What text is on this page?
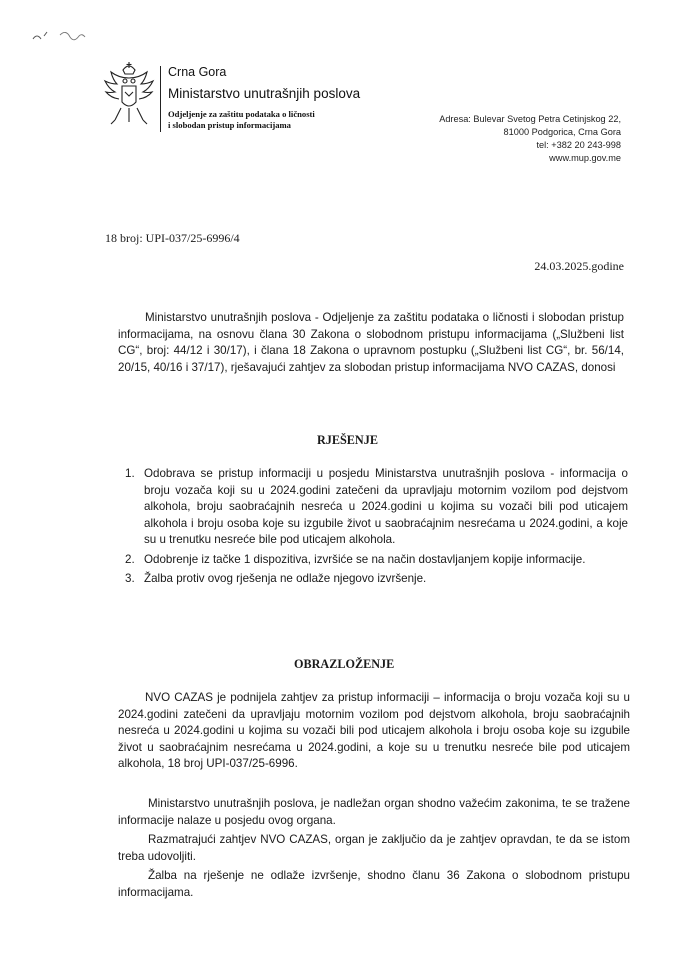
Crna Gora
Ministarstvo unutrašnjih poslova
Odjeljenje za zaštitu podataka o ličnosti
i slobodan pristup informacijama
Adresa: Bulevar Svetog Petra Cetinjskog 22,
81000 Podgorica, Crna Gora
tel: +382 20 243-998
www.mup.gov.me
18 broj: UPI-037/25-6996/4
24.03.2025.godine

Ministarstvo unutrašnjih poslova - Odjeljenje za zaštitu podataka o ličnosti i slobodan pristup informacijama, na osnovu člana 30 Zakona o slobodnom pristupu informacijama („Službeni list CG“, broj: 44/12 i 30/17), i člana 18 Zakona o upravnom postupku („Službeni list CG“, br. 56/14, 20/15, 40/16 i 37/17), rješavajući zahtjev za slobodan pristup informacijama NVO CAZAS, donosi

RJEŠENJE
1. Odobrava se pristup informaciji u posjedu Ministarstva unutrašnjih poslova - informacija o broju vozača koji su u 2024.godini zatečeni da upravljaju motornim vozilom pod dejstvom alkohola, broju saobraćajnih nesreća u 2024.godini u kojima su vozači bili pod uticajem alkohola i broju osoba koje su izgubile život u saobraćajnim nesrećama u 2024.godini, a koje su u trenutku nesreće bile pod uticajem alkohola.
2. Odobrenje iz tačke 1 dispozitiva, izvršiće se na način dostavljanjem kopije informacije.
3. Žalba protiv ovog rješenja ne odlaže njegovo izvršenje.
OBRAZLOŽENJE

NVO CAZAS je podnijela zahtjev za pristup informaciji – informacija o broju vozača koji su u 2024.godini zatečeni da upravljaju motornim vozilom pod dejstvom alkohola, broju saobraćajnih nesreća u 2024.godini u kojima su vozači bili pod uticajem alkohola i broju osoba koje su izgubile život u saobraćajnim nesrećama u 2024.godini, a koje su u trenutku nesreće bile pod uticajem alkohola, 18 broj UPI-037/25-6996.

Ministarstvo unutrašnjih poslova, je nadležan organ shodno važećim zakonima, te se tražene informacije nalaze u posjedu ovog organa.

Razmatrajući zahtjev NVO CAZAS, organ je zaključio da je zahtjev opravdan, te da se istom treba udovoljiti.

Žalba na rješenje ne odlaže izvršenje, shodno članu 36 Zakona o slobodnom pristupu informacijama.
